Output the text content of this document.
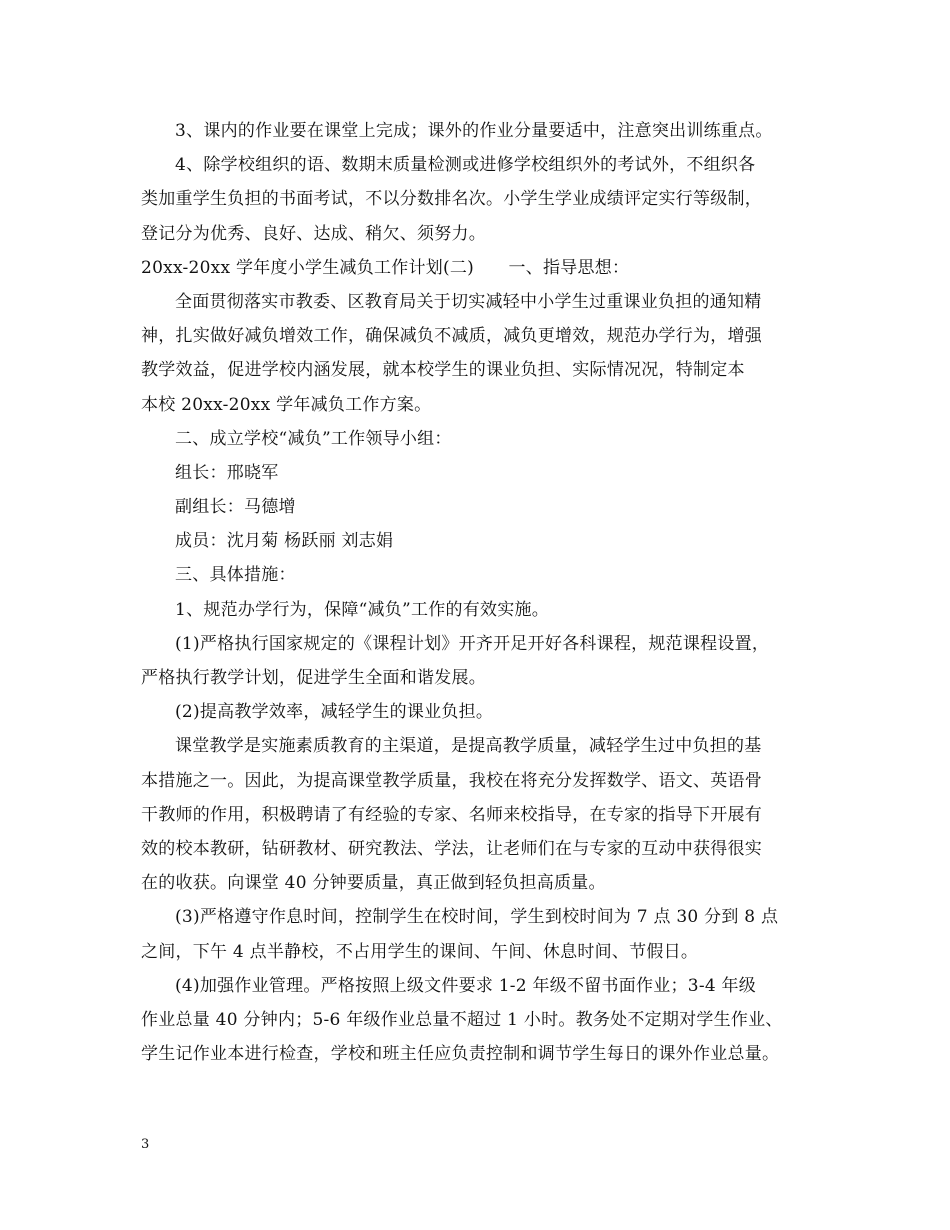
3、课内的作业要在课堂上完成；课外的作业分量要适中，注意突出训练重点。
4、除学校组织的语、数期末质量检测或进修学校组织外的考试外，不组织各
类加重学生负担的书面考试，不以分数排名次。小学生学业成绩评定实行等级制，
登记分为优秀、良好、达成、稍欠、须努力。
20xx-20xx 学年度小学生减负工作计划(二)　　一、指导思想：
全面贯彻落实市教委、区教育局关于切实减轻中小学生过重课业负担的通知精
神，扎实做好减负增效工作，确保减负不减质，减负更增效，规范办学行为，增强
教学效益，促进学校内涵发展，就本校学生的课业负担、实际情况况，特制定本
本校 20xx-20xx 学年减负工作方案。
二、成立学校“减负”工作领导小组：
组长：邢晓军
副组长：马德增
成员：沈月菊 杨跃丽 刘志娟
三、具体措施：
1、规范办学行为，保障“减负”工作的有效实施。
(1)严格执行国家规定的《课程计划》开齐开足开好各科课程，规范课程设置，
严格执行教学计划，促进学生全面和谐发展。
(2)提高教学效率，减轻学生的课业负担。
课堂教学是实施素质教育的主渠道，是提高教学质量，减轻学生过中负担的基
本措施之一。因此，为提高课堂教学质量，我校在将充分发挥数学、语文、英语骨
干教师的作用，积极聘请了有经验的专家、名师来校指导，在专家的指导下开展有
效的校本教研，钻研教材、研究教法、学法，让老师们在与专家的互动中获得很实
在的收获。向课堂 40 分钟要质量，真正做到轻负担高质量。
(3)严格遵守作息时间，控制学生在校时间，学生到校时间为 7 点 30 分到 8 点
之间，下午 4 点半静校，不占用学生的课间、午间、休息时间、节假日。
(4)加强作业管理。严格按照上级文件要求 1-2 年级不留书面作业；3-4 年级
作业总量 40 分钟内；5-6 年级作业总量不超过 1 小时。教务处不定期对学生作业、
学生记作业本进行检查，学校和班主任应负责控制和调节学生每日的课外作业总量。
3
